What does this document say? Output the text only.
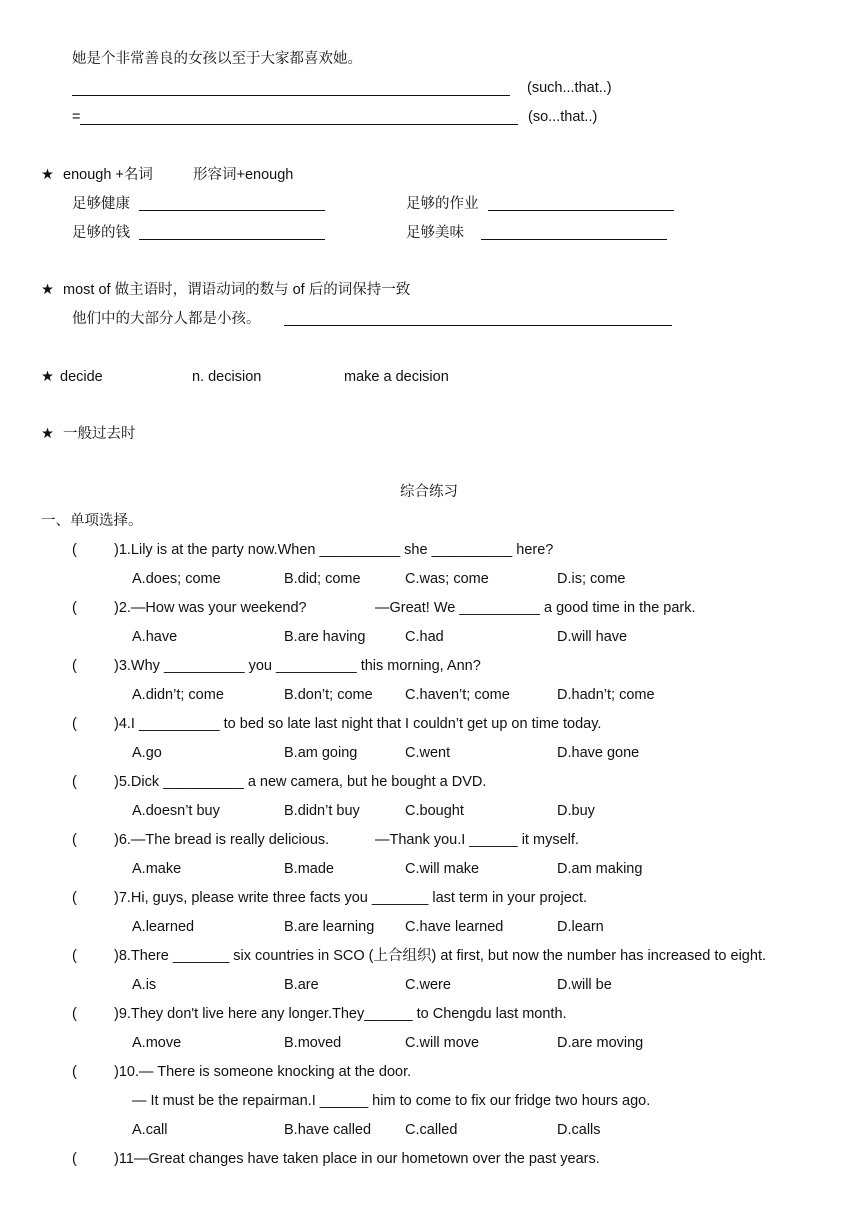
她是个非常善良的女孩以至于大家都喜欢她。
(such...that..)
=	(so...that..)
★ enough +名词	形容词+enough
足够健康	足够的作业
足够的钱	足够美味
★ most of 做主语时，谓语动词的数与 of 后的词保持一致
他们中的大部分人都是小孩。
★ decide	n. decision	make a decision
★ 一般过去时
综合练习
一、单项选择。
(	)1.Lily is at the party now.When __________ she __________ here?
A.does; come	B.did; come	C.was; come	D.is; come
(	)2.—How was your weekend?	—Great! We __________ a good time in the park.
A.have	B.are having	C.had	D.will have
(	)3.Why __________ you __________ this morning, Ann?
A.didn’t; come	B.don’t; come C.haven’t; come	D.hadn’t; come
(	)4.I __________ to bed so late last night that I couldn’t get up on time today.
A.go	B.am going	C.went	D.have gone
(	)5.Dick __________ a new camera, but he bought a DVD.
A.doesn’t buy	B.didn’t buy	C.bought	D.buy
(	)6.—The bread is really delicious.	—Thank you.I ______ it myself.
A.make	B.made	C.will make	D.am making
(	)7.Hi, guys, please write three facts you _______ last term in your project.
A.learned	B.are learning C.have learned	D.learn
(	)8.There _______ six countries in SCO (上合组织) at first, but now the number has increased to eight.
A.is	B.are	C.were	D.will be
(	)9.They don't live here any longer.They______ to Chengdu last month.
A.move	B.moved	C.will move	D.are moving
(	)10.— There is someone knocking at the door.
— It must be the repairman.I ______ him to come to fix our fridge two hours ago.
A.call	B.have called C.called	D.calls
(	)11—Great changes have taken place in our hometown over the past years.
